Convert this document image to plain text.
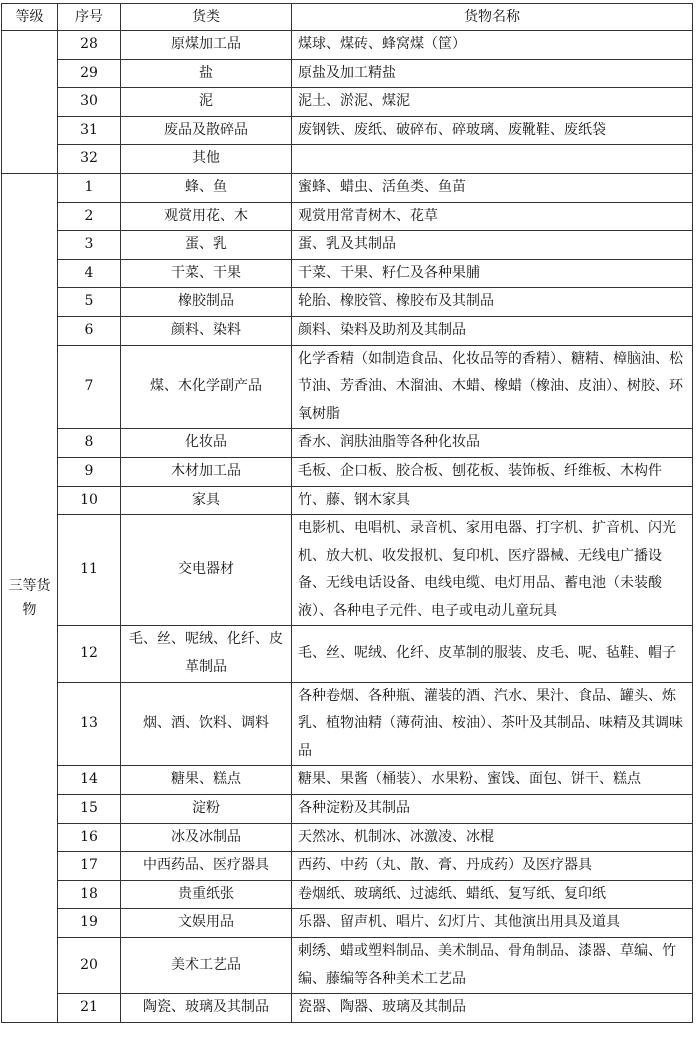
等级	序号	货类	货物名称
	28	原煤加工品	煤球、煤砖、蜂窝煤（筐）
	29	盐	原盐及加工精盐
	30	泥	泥土、淤泥、煤泥
	31	废品及散碎品	废钢铁、废纸、破碎布、碎玻璃、废靴鞋、废纸袋
	32	其他	
三等货物	1	蜂、鱼	蜜蜂、蜡虫、活鱼类、鱼苗
	2	观赏用花、木	观赏用常青树木、花草
	3	蛋、乳	蛋、乳及其制品
	4	干菜、干果	干菜、干果、籽仁及各种果脯
	5	橡胶制品	轮胎、橡胶管、橡胶布及其制品
	6	颜料、染料	颜料、染料及助剂及其制品
	7	煤、木化学副产品	化学香精（如制造食品、化妆品等的香精）、糖精、樟脑油、松节油、芳香油、木溜油、木蜡、橡蜡（橡油、皮油）、树胶、环氧树脂
	8	化妆品	香水、润肤油脂等各种化妆品
	9	木材加工品	毛板、企口板、胶合板、刨花板、装饰板、纤维板、木构件
	10	家具	竹、藤、钢木家具
	11	交电器材	电影机、电唱机、录音机、家用电器、打字机、扩音机、闪光机、放大机、收发报机、复印机、医疗器械、无线电广播设备、无线电话设备、电线电缆、电灯用品、蓄电池（未装酸液）、各种电子元件、电子或电动儿童玩具
	12	毛、丝、呢绒、化纤、皮革制品	毛、丝、呢绒、化纤、皮革制的服装、皮毛、呢、毡鞋、帽子
	13	烟、酒、饮料、调料	各种卷烟、各种瓶、灌装的酒、汽水、果汁、食品、罐头、炼乳、植物油精（薄荷油、桉油）、茶叶及其制品、味精及其调味品
	14	糖果、糕点	糖果、果酱（桶装）、水果粉、蜜饯、面包、饼干、糕点
	15	淀粉	各种淀粉及其制品
	16	冰及冰制品	天然冰、机制冰、冰激凌、冰棍
	17	中西药品、医疗器具	西药、中药（丸、散、膏、丹成药）及医疗器具
	18	贵重纸张	卷烟纸、玻璃纸、过滤纸、蜡纸、复写纸、复印纸
	19	文娱用品	乐器、留声机、唱片、幻灯片、其他演出用具及道具
	20	美术工艺品	刺绣、蜡或塑料制品、美术制品、骨角制品、漆器、草编、竹编、藤编等各种美术工艺品
	21	陶瓷、玻璃及其制品	瓷器、陶器、玻璃及其制品
